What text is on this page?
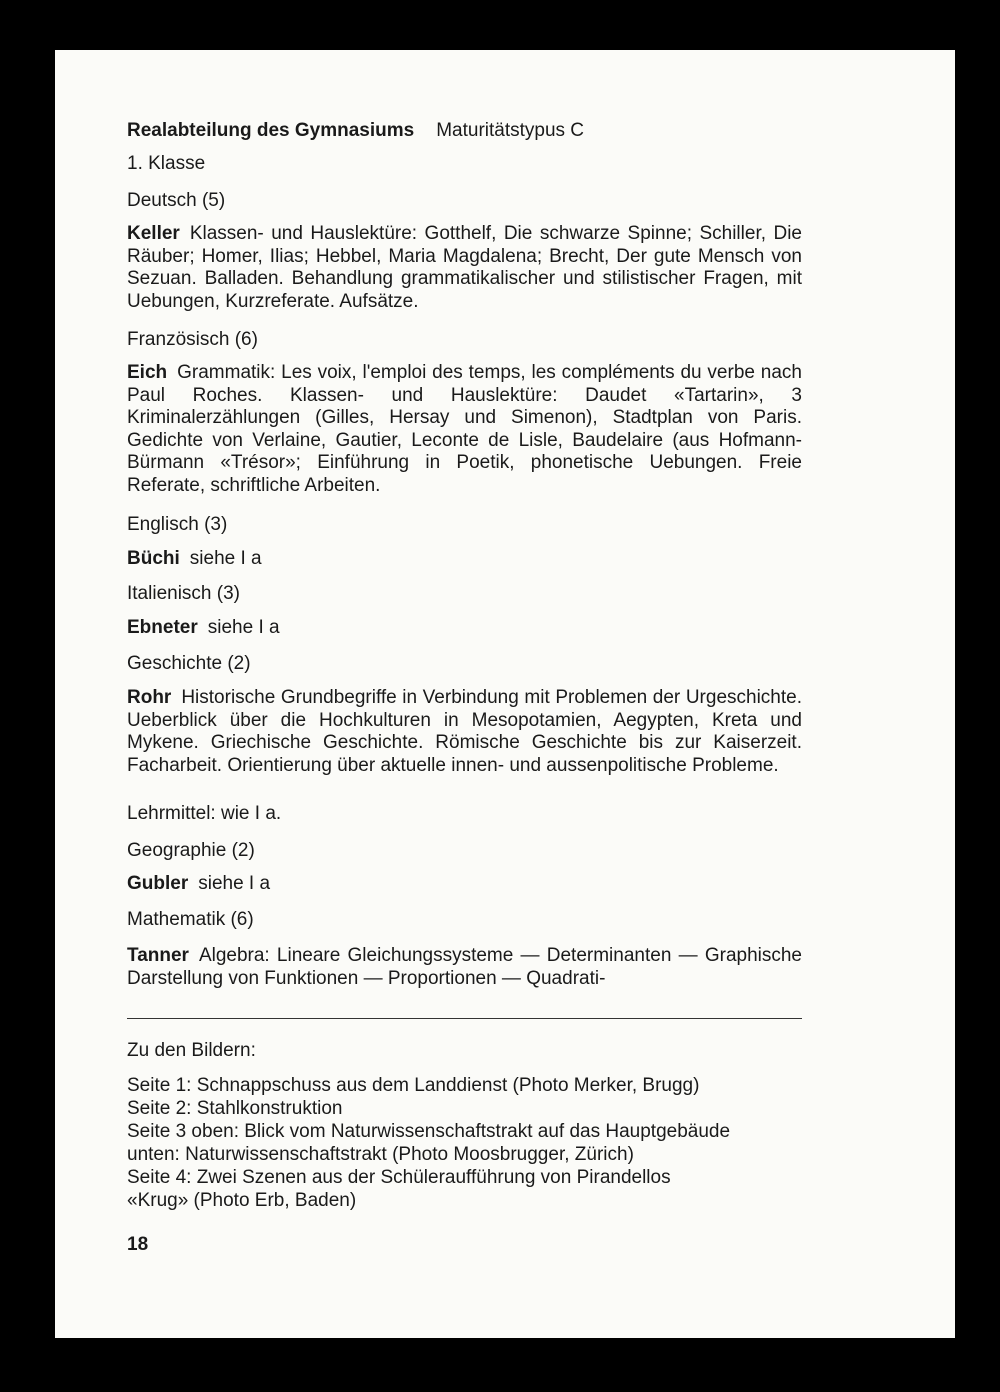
Realabteilung des Gymnasiums Maturitätstypus C
1. Klasse
Deutsch (5)
Keller Klassen- und Hauslektüre: Gotthelf, Die schwarze Spinne; Schiller, Die Räuber; Homer, Ilias; Hebbel, Maria Magdalena; Brecht, Der gute Mensch von Sezuan. Balladen. Behandlung grammatikalischer und stilistischer Fragen, mit Uebungen, Kurzreferate. Aufsätze.
Französisch (6)
Eich Grammatik: Les voix, l'emploi des temps, les compléments du verbe nach Paul Roches. Klassen- und Hauslektüre: Daudet «Tartarin», 3 Kriminalerzählungen (Gilles, Hersay und Simenon), Stadtplan von Paris. Gedichte von Verlaine, Gautier, Leconte de Lisle, Baudelaire (aus Hofmann-Bürmann «Trésor»; Einführung in Poetik, phonetische Uebungen. Freie Referate, schriftliche Arbeiten.
Englisch (3)
Büchi siehe I a
Italienisch (3)
Ebneter siehe I a
Geschichte (2)
Rohr Historische Grundbegriffe in Verbindung mit Problemen der Urgeschichte. Ueberblick über die Hochkulturen in Mesopotamien, Aegypten, Kreta und Mykene. Griechische Geschichte. Römische Geschichte bis zur Kaiserzeit. Facharbeit. Orientierung über aktuelle innen- und aussenpolitische Probleme.
Lehrmittel: wie I a.
Geographie (2)
Gubler siehe I a
Mathematik (6)
Tanner Algebra: Lineare Gleichungssysteme — Determinanten — Graphische Darstellung von Funktionen — Proportionen — Quadrati-
Zu den Bildern:
Seite 1: Schnappschuss aus dem Landdienst (Photo Merker, Brugg)
Seite 2: Stahlkonstruktion
Seite 3 oben: Blick vom Naturwissenschaftstrakt auf das Hauptgebäude
unten: Naturwissenschaftstrakt (Photo Moosbrugger, Zürich)
Seite 4: Zwei Szenen aus der Schüleraufführung von Pirandellos
«Krug» (Photo Erb, Baden)
18
